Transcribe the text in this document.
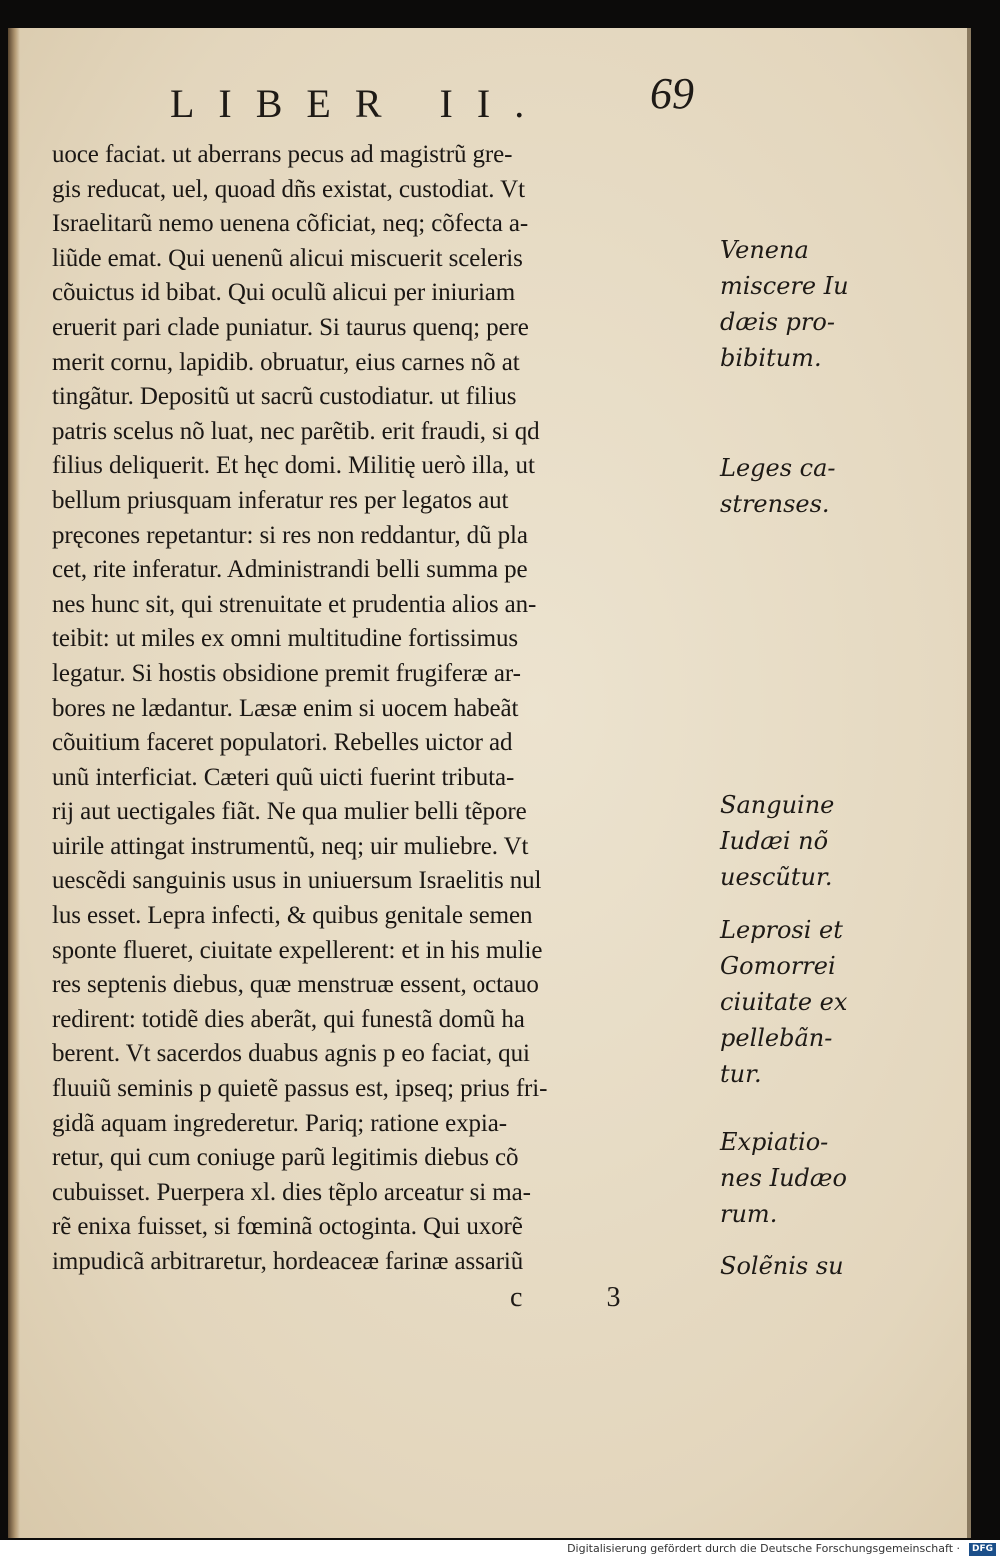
LIBER II. 69
uoce faciat. ut aberrans pecus ad magistrũ gre-
gis reducat, uel, quoad dñs existat, custodiat. Vt
Israelitarũ nemo uenena cõficiat, neq; cõfecta a-
liũde emat. Qui uenenũ alicui miscuerit sceleris
cõuictus id bibat. Qui oculũ alicui per iniuriam
eruerit pari clade puniatur. Si taurus quenq; pere
merit cornu, lapidib. obruatur, eius carnes nõ at
tingãtur. Depositũ ut sacrũ custodiatur. ut filius
patris scelus nõ luat, nec parẽtib. erit fraudi, si qd
filius deliquerit. Et hęc domi. Militię uerò illa, ut
bellum priusquam inferatur res per legatos aut
pręcones repetantur: si res non reddantur, dũ pla
cet, rite inferatur. Administrandi belli summa pe
nes hunc sit, qui strenuitate et prudentia alios an-
teibit: ut miles ex omni multitudine fortissimus
legatur. Si hostis obsidione premit frugiferæ ar-
bores ne lædantur. Læsæ enim si uocem habeãt
cõuitium faceret populatori. Rebelles uictor ad
unũ interficiat. Cæteri quũ uicti fuerint tributa-
rij aut uectigales fiãt. Ne qua mulier belli tẽpore
uirile attingat instrumentũ, neq; uir muliebre. Vt
uescẽdi sanguinis usus in uniuersum Israelitis nul
lus esset. Lepra infecti, & quibus genitale semen
sponte flueret, ciuitate expellerent: et in his mulie
res septenis diebus, quæ menstruæ essent, octauo
redirent: totidẽ dies aberãt, qui funestã domũ ha
berent. Vt sacerdos duabus agnis p eo faciat, qui
fluuiũ seminis p quietẽ passus est, ipseq; prius fri-
gidã aquam ingrederetur. Pariq; ratione expia-
retur, qui cum coniuge parũ legitimis diebus cõ
cubuisset. Puerpera xl. dies tẽplo arceatur si ma-
rẽ enixa fuisset, si fœminã octoginta. Qui uxorẽ
impudicã arbitraretur, hordeaceæ farinæ assariũ
c	3
Venena
miscere Iu
dæis pro-
bibitum.
Leges ca-
strenses.
Sanguine
Iudæi nõ
uescũtur.
Leprosi et
Gomorrei
ciuitate ex
pellebãn-
tur.
Expiatio-
nes Iudæo
rum.
Solẽnis su
Digitalisierung gefördert durch die Deutsche Forschungsgemeinschaft ·	DFG
